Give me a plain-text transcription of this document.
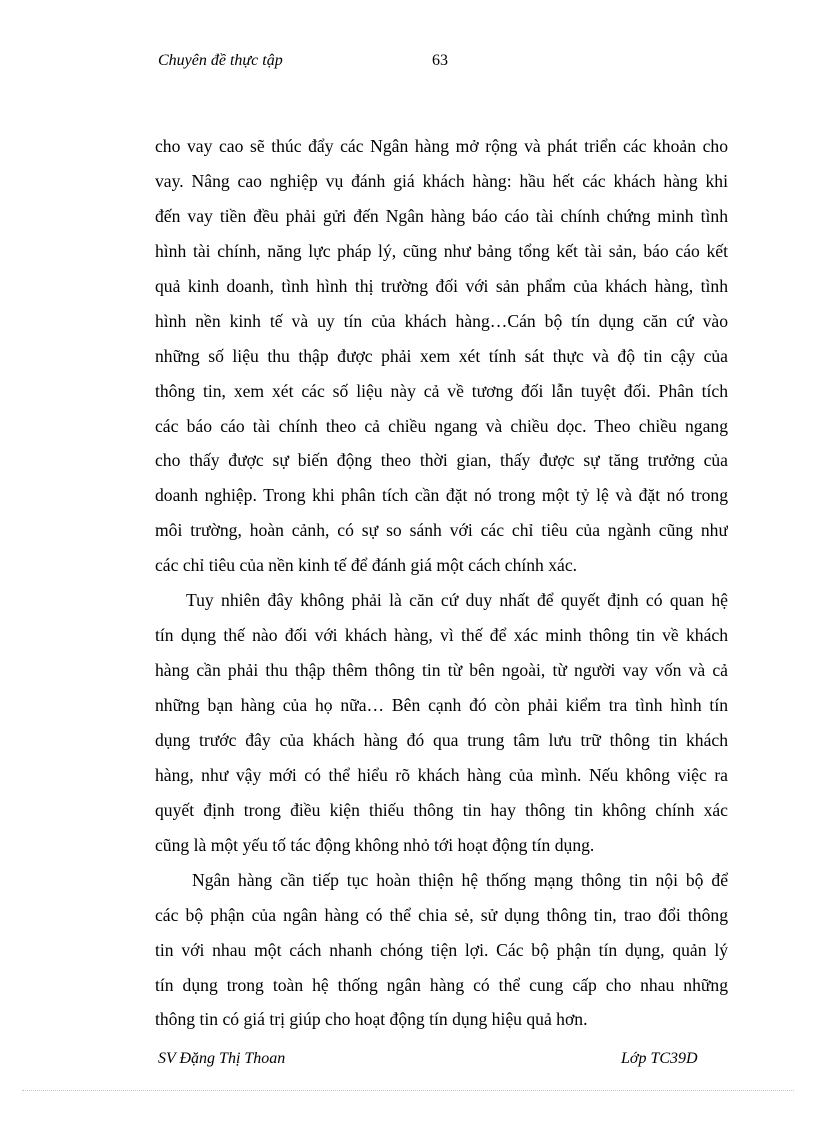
Chuyên đề thực tập	63
cho vay cao sẽ thúc đẩy các Ngân hàng mở rộng và phát triển các khoản cho
vay. Nâng cao nghiệp vụ đánh giá khách hàng: hầu hết các khách hàng khi
đến vay tiền đều phải gửi đến Ngân hàng báo cáo tài chính chứng minh tình
hình tài chính, năng lực pháp lý, cũng như bảng tổng kết tài sản, báo cáo kết
quả kinh doanh, tình hình thị trường đối với sản phẩm của khách hàng, tình
hình nền kinh tế và uy tín của khách hàng…Cán bộ tín dụng căn cứ vào
những số liệu thu thập được phải xem xét tính sát thực và độ tin cậy của
thông tin, xem xét các số liệu này cả về tương đối lẫn tuyệt đối. Phân tích
các báo cáo tài chính theo cả chiều ngang và chiều dọc. Theo chiều ngang
cho thấy được sự biến động theo thời gian, thấy được sự tăng trưởng của
doanh nghiệp. Trong khi phân tích cần đặt nó trong một tỷ lệ và đặt nó trong
môi trường, hoàn cảnh, có sự so sánh với các chỉ tiêu của ngành cũng như
các chỉ tiêu của nền kinh tế để đánh giá một cách chính xác.
Tuy nhiên đây không phải là căn cứ duy nhất để quyết định có quan hệ
tín dụng thế nào đối với khách hàng, vì thế để xác minh thông tin về khách
hàng cần phải thu thập thêm thông tin từ bên ngoài, từ người vay vốn và cả
những bạn hàng của họ nữa… Bên cạnh đó còn phải kiểm tra tình hình tín
dụng trước đây của khách hàng đó qua trung tâm lưu trữ thông tin khách
hàng, như vậy mới có thể hiểu rõ khách hàng của mình. Nếu không việc ra
quyết định trong điều kiện thiếu thông tin hay thông tin không chính xác
cũng là một yếu tố tác động không nhỏ tới hoạt động tín dụng.
Ngân hàng cần tiếp tục hoàn thiện hệ thống mạng thông tin nội bộ để
các bộ phận của ngân hàng có thể chia sẻ, sử dụng thông tin, trao đổi thông
tin với nhau một cách nhanh chóng tiện lợi. Các bộ phận tín dụng, quản lý
tín dụng trong toàn hệ thống ngân hàng có thể cung cấp cho nhau những
thông tin có giá trị giúp cho hoạt động tín dụng hiệu quả hơn.
SV Đặng Thị Thoan	Lớp TC39D
